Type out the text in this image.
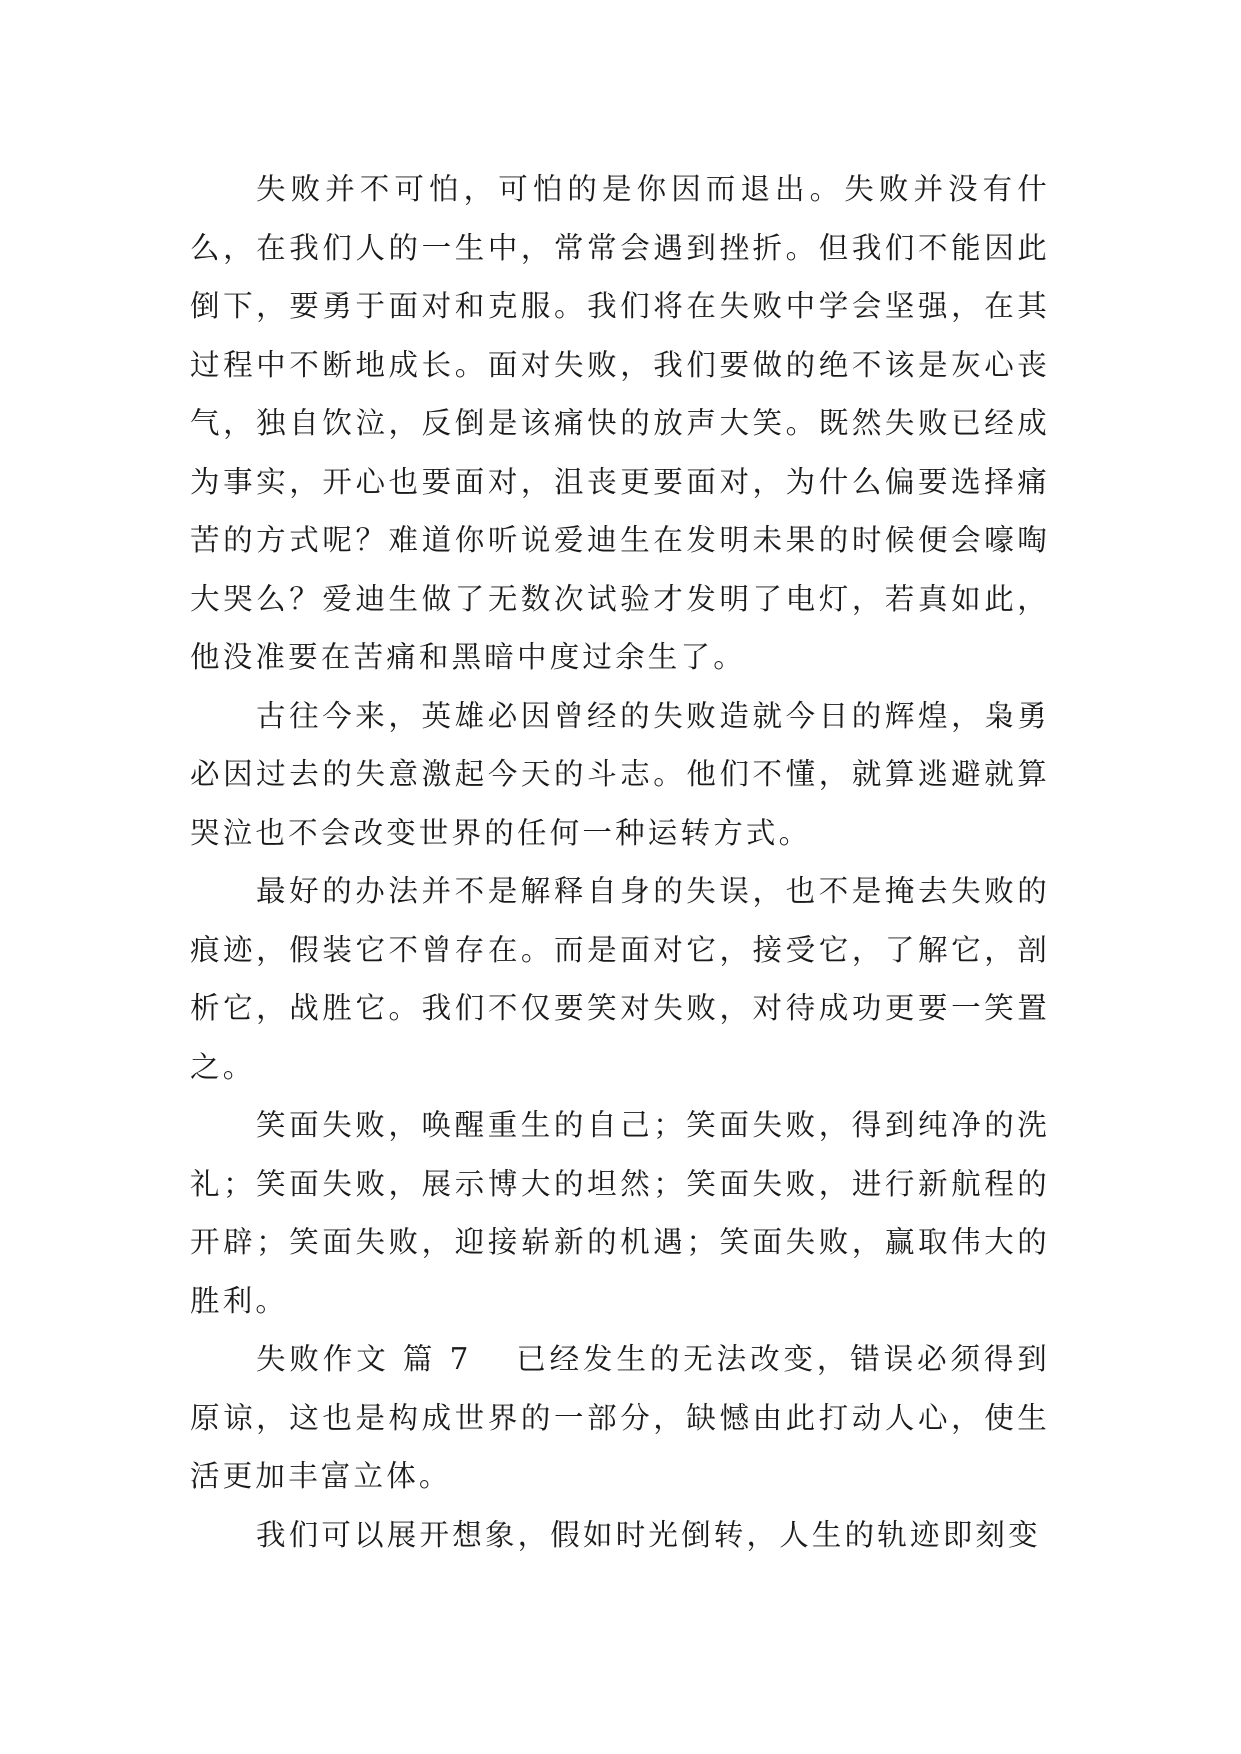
失败并不可怕，可怕的是你因而退出。失败并没有什么，在我们人的一生中，常常会遇到挫折。但我们不能因此倒下，要勇于面对和克服。我们将在失败中学会坚强，在其过程中不断地成长。面对失败，我们要做的绝不该是灰心丧气，独自饮泣，反倒是该痛快的放声大笑。既然失败已经成为事实，开心也要面对，沮丧更要面对，为什么偏要选择痛苦的方式呢？难道你听说爱迪生在发明未果的时候便会嚎啕大哭么？爱迪生做了无数次试验才发明了电灯，若真如此，他没准要在苦痛和黑暗中度过余生了。

古往今来，英雄必因曾经的失败造就今日的辉煌，枭勇必因过去的失意激起今天的斗志。他们不懂，就算逃避就算哭泣也不会改变世界的任何一种运转方式。

最好的办法并不是解释自身的失误，也不是掩去失败的痕迹，假装它不曾存在。而是面对它，接受它，了解它，剖析它，战胜它。我们不仅要笑对失败，对待成功更要一笑置之。

笑面失败，唤醒重生的自己；笑面失败，得到纯净的洗礼；笑面失败，展示博大的坦然；笑面失败，进行新航程的开辟；笑面失败，迎接崭新的机遇；笑面失败，赢取伟大的胜利。

失败作文 篇 7 已经发生的无法改变，错误必须得到原谅，这也是构成世界的一部分，缺憾由此打动人心，使生活更加丰富立体。

我们可以展开想象，假如时光倒转，人生的轨迹即刻变
